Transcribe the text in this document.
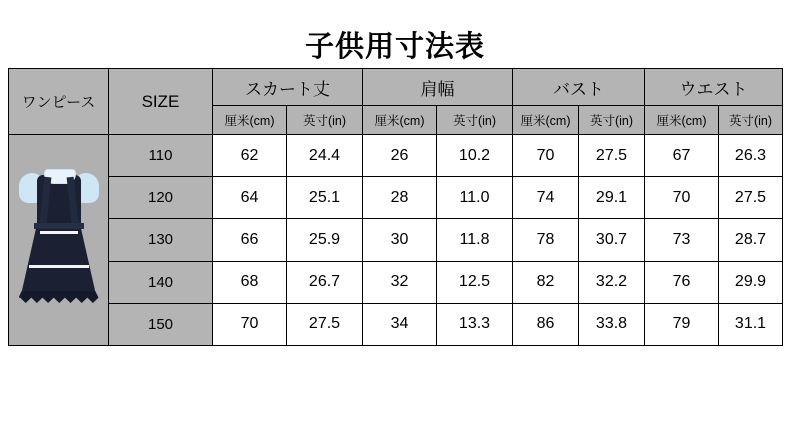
子供用寸法表
ワンピース	SIZE	スカート丈		肩幅		バスト		ウエスト	
		厘米(cm)	英寸(in)	厘米(cm)	英寸(in)	厘米(cm)	英寸(in)	厘米(cm)	英寸(in)

	110	62	24.4	26	10.2	70	27.5	67	26.3
	120	64	25.1	28	11.0	74	29.1	70	27.5
	130	66	25.9	30	11.8	78	30.7	73	28.7
	140	68	26.7	32	12.5	82	32.2	76	29.9
	150	70	27.5	34	13.3	86	33.8	79	31.1
